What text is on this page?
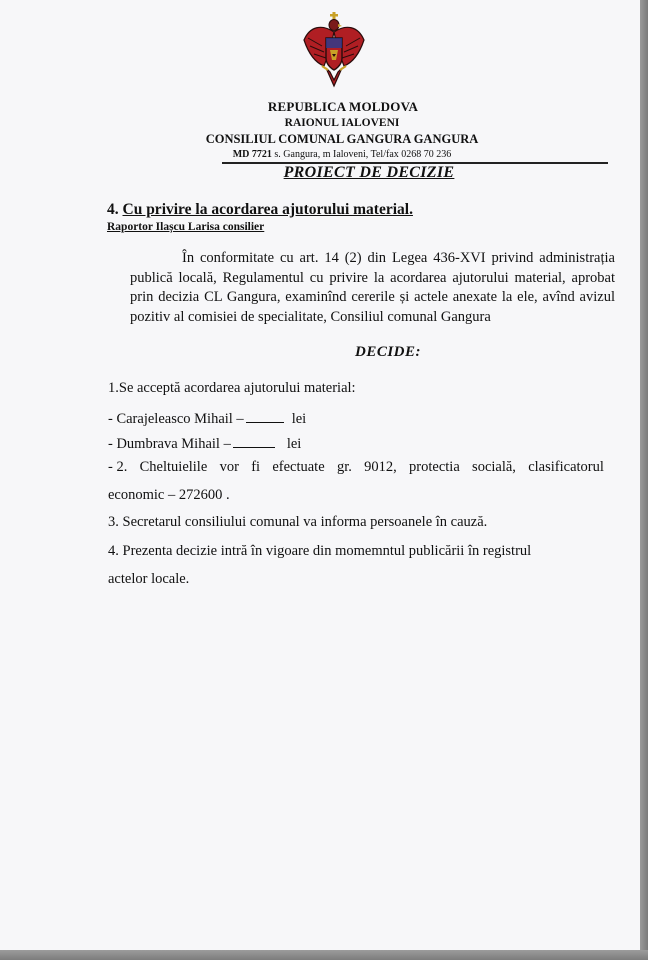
REPUBLICA MOLDOVA
RAIONUL IALOVENI
CONSILIUL COMUNAL GANGURA GANGURA
MD 7721 s. Gangura, m Ialoveni, Tel/fax 0268 70 236
PROIECT DE DECIZIE
4. Cu privire la acordarea ajutorului material.
Raportor Ilașcu Larisa consilier
În conformitate cu art. 14 (2) din Legea 436-XVI privind administrația publică locală, Regulamentul cu privire la acordarea ajutorului material, aprobat prin decizia CL Gangura, examinînd cererile și actele anexate la ele, avînd avizul pozitiv al comisiei de specialitate, Consiliul comunal Gangura
DECIDE:
1.Se acceptă acordarea ajutorului material:
- Carajeleasco Mihail –	lei
- Dumbrava Mihail –	lei
- 2. Cheltuielile vor fi efectuate gr. 9012, protectia socială, clasificatorul
economic – 272600 .
3. Secretarul consiliului comunal va informa persoanele în cauză.
4. Prezenta decizie intră în vigoare din momemntul publicării în registrul
actelor locale.
